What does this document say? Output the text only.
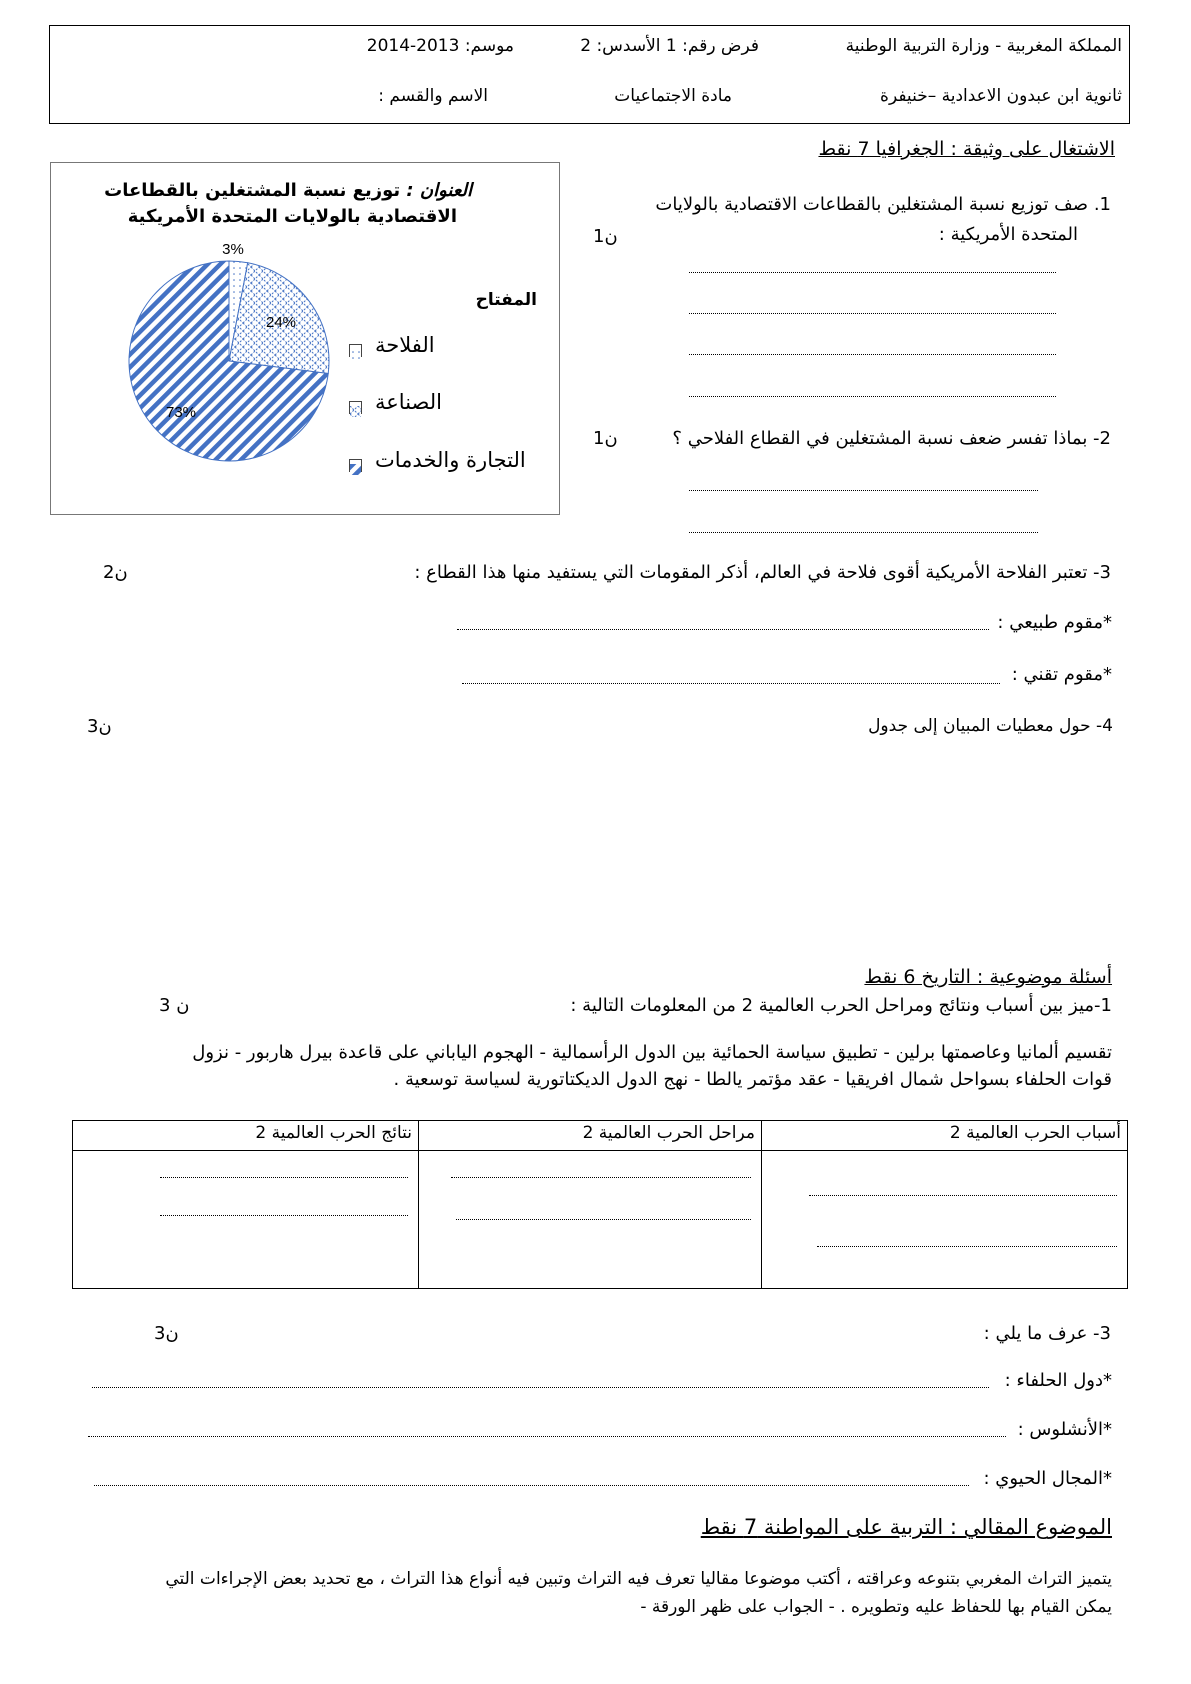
المملكة المغربية - وزارة التربية الوطنية
فرض رقم: 1 الأسدس: 2
موسم: 2013-2014
ثانوية ابن عبدون الاعدادية –خنيفرة
مادة الاجتماعيات
الاسم والقسم :
الاشتغال على وثيقة : الجغرافيا 7 نقط
3%
24%
73%
العنوان : توزيع نسبة المشتغلين بالقطاعات
الاقتصادية بالولايات المتحدة الأمريكية
المفتاح
الفلاحة
الصناعة
التجارة والخدمات
1. صف توزيع نسبة المشتغلين بالقطاعات الاقتصادية بالولايات
المتحدة الأمريكية :
1ن
2- بماذا تفسر ضعف نسبة المشتغلين في القطاع الفلاحي ؟
1ن
3- تعتبر الفلاحة الأمريكية أقوى فلاحة في العالم، أذكر المقومات التي يستفيد منها هذا القطاع :
2ن
*مقوم طبيعي :
*مقوم تقني :
4- حول معطيات المبيان إلى جدول
3ن
أسئلة موضوعية : التاريخ 6 نقط
1-ميز بين أسباب ونتائج ومراحل الحرب العالمية 2 من المعلومات التالية :
3 ن
تقسيم ألمانيا وعاصمتها برلين - تطبيق سياسة الحمائية بين الدول الرأسمالية - الهجوم الياباني على قاعدة بيرل هاربور - نزول
قوات الحلفاء بسواحل شمال افريقيا - عقد مؤتمر يالطا - نهج الدول الديكتاتورية لسياسة توسعية .
أسباب الحرب العالمية 2	مراحل الحرب العالمية 2	نتائج الحرب العالمية 2

3- عرف ما يلي :
3ن
*دول الحلفاء :
*الأنشلوس :
*المجال الحيوي :
الموضوع المقالي : التربية على المواطنة 7 نقط
يتميز التراث المغربي بتنوعه وعراقته ، أكتب موضوعا مقاليا تعرف فيه التراث وتبين فيه أنواع هذا التراث ، مع تحديد بعض الإجراءات التي
يمكن القيام بها للحفاظ عليه وتطويره . - الجواب على ظهر الورقة -
